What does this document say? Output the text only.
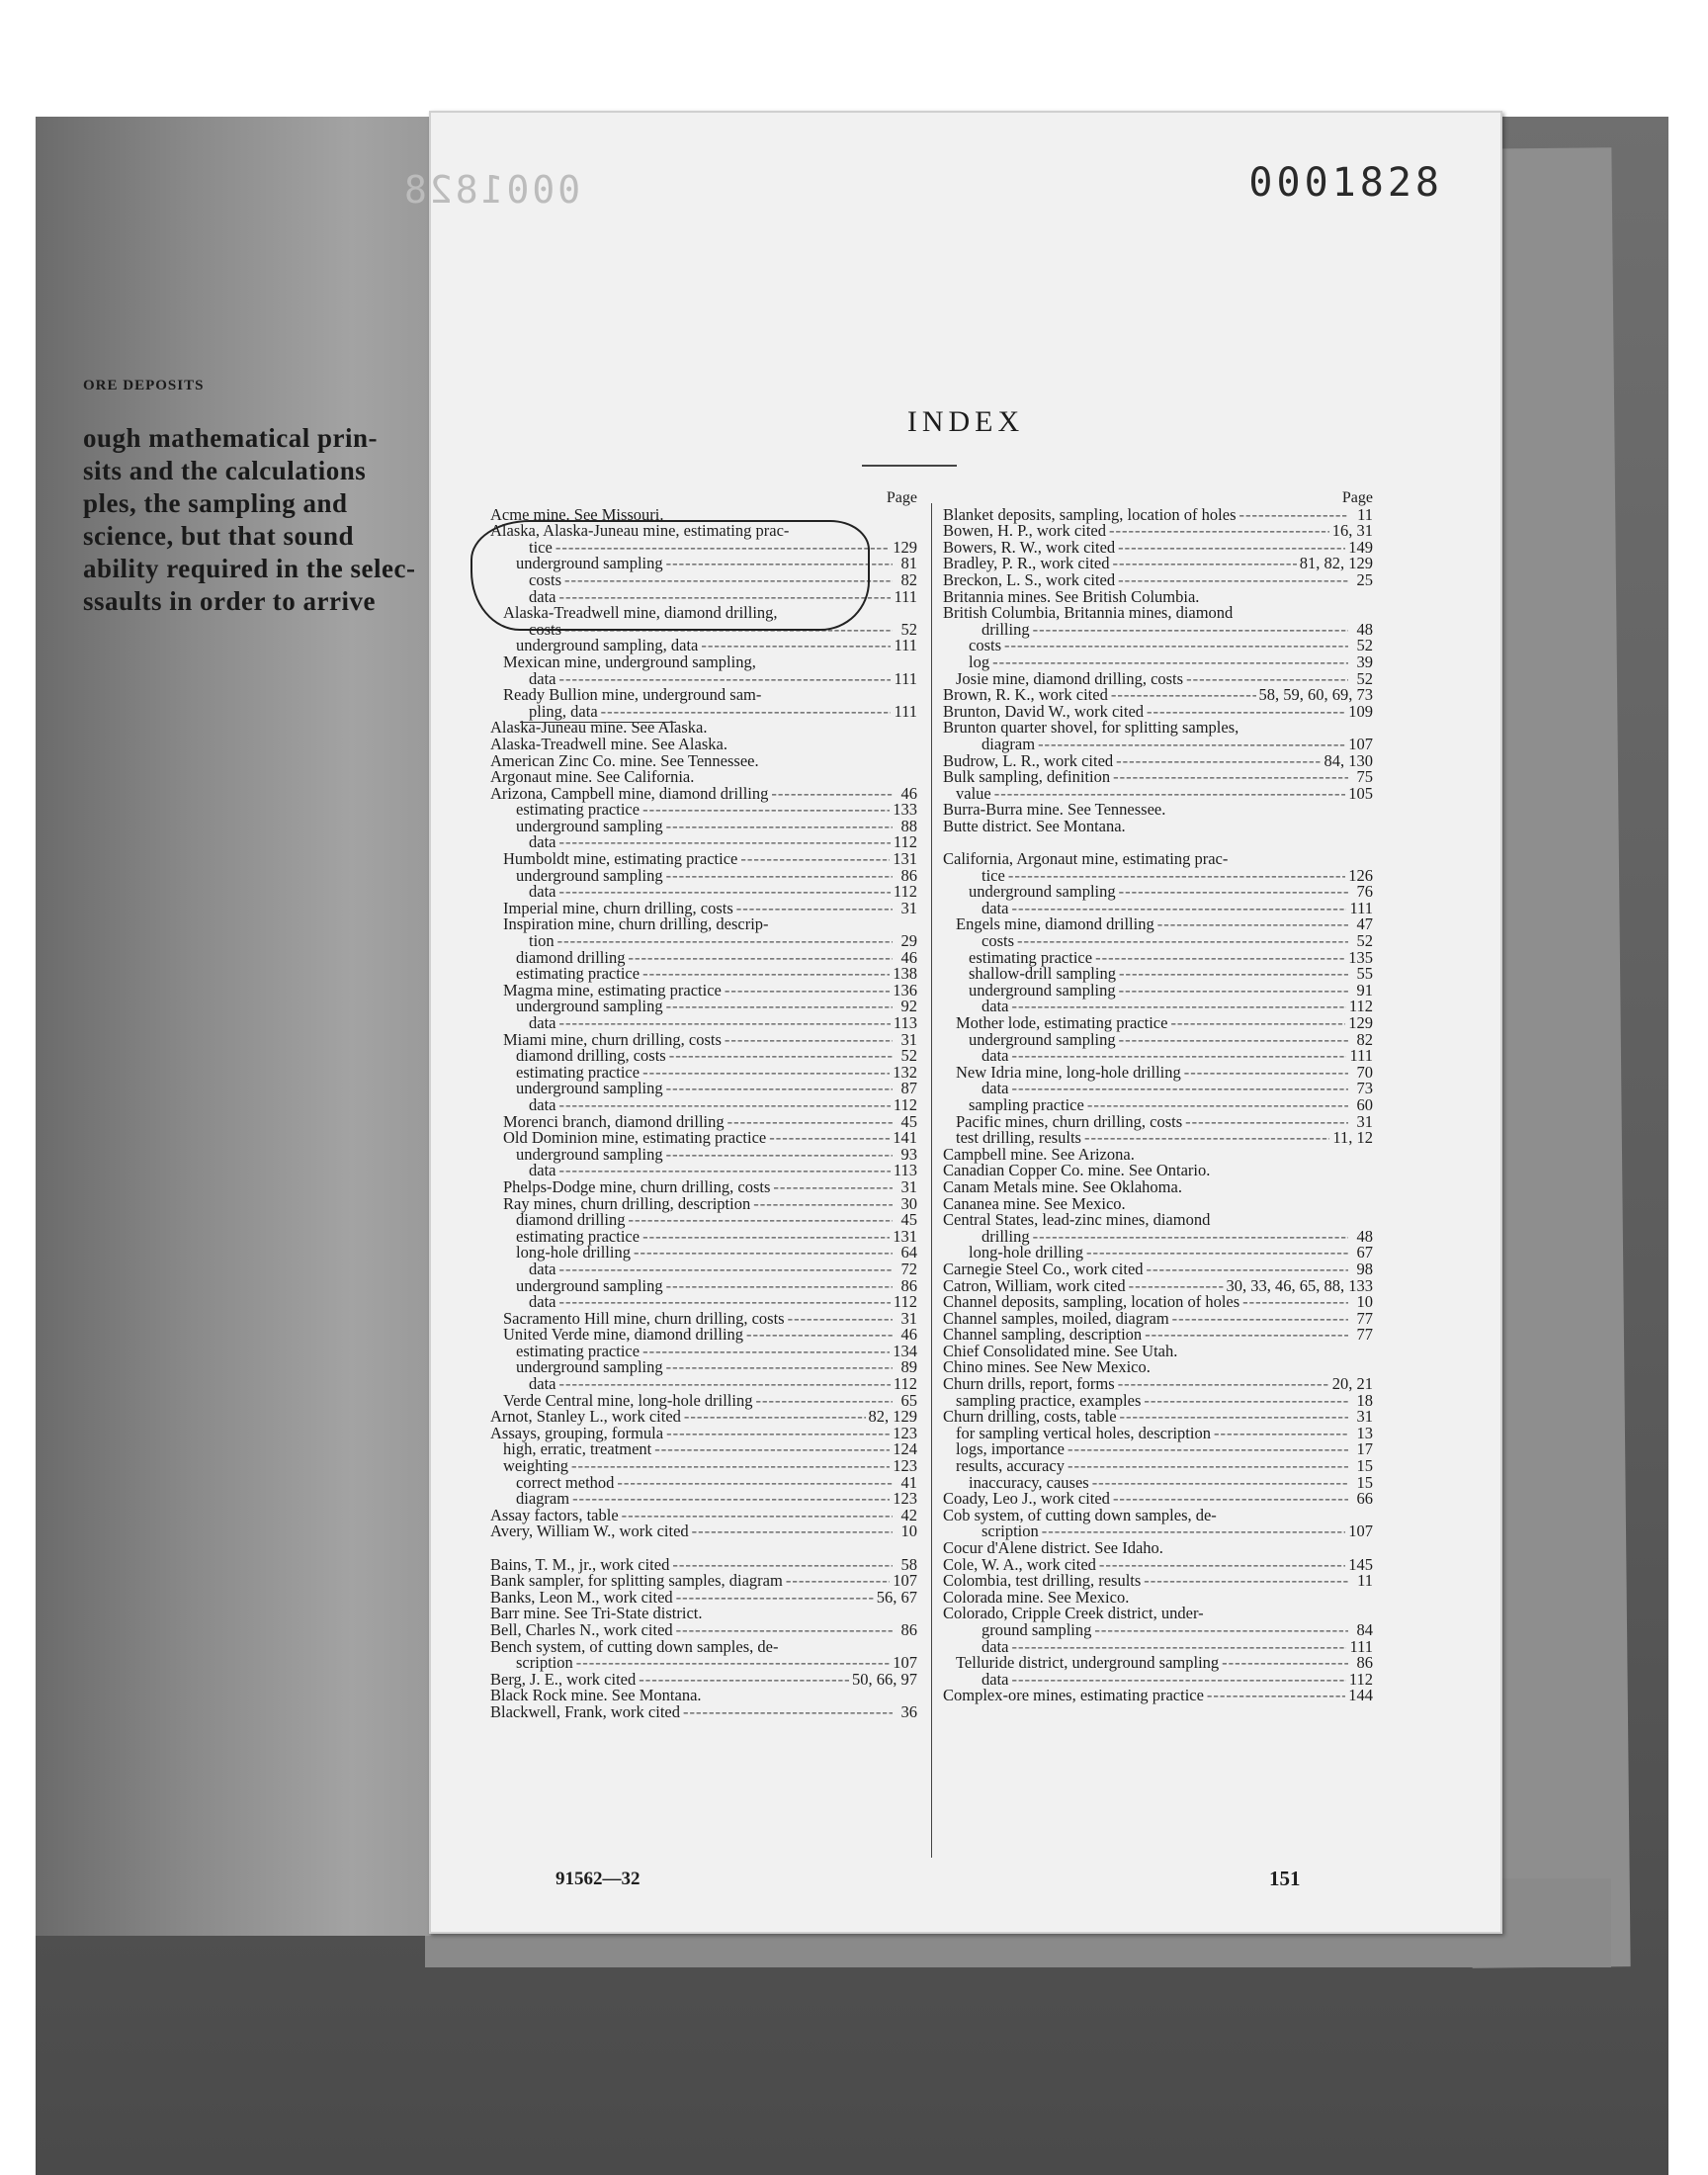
ORE DEPOSITS
ough mathematical prin-
sits and the calculations
ples, the sampling and
science, but that sound
ability required in the selec-
ssaults in order to arrive
0001828	0001828
INDEX
Page
Acme mine. See Missouri.
Alaska, Alaska-Juneau mine, estimating prac-
tice -----	129
underground sampling -----	81
costs -----	82
data -----	111
Alaska-Treadwell mine, diamond drilling,
costs -----	52
underground sampling, data -----	111
Mexican mine, underground sampling,
data -----	111
Ready Bullion mine, underground sam-
pling, data -----	111
Alaska-Juneau mine. See Alaska.
Alaska-Treadwell mine. See Alaska.
American Zinc Co. mine. See Tennessee.
Argonaut mine. See California.
Arizona, Campbell mine, diamond drilling -----	46
estimating practice -----	133
underground sampling -----	88
data -----	112
Humboldt mine, estimating practice -----	131
underground sampling -----	86
data -----	112
Imperial mine, churn drilling, costs -----	31
Inspiration mine, churn drilling, descrip-
tion -----	29
diamond drilling -----	46
estimating practice -----	138
Magma mine, estimating practice -----	136
underground sampling -----	92
data -----	113
Miami mine, churn drilling, costs -----	31
diamond drilling, costs -----	52
estimating practice -----	132
underground sampling -----	87
data -----	112
Morenci branch, diamond drilling -----	45
Old Dominion mine, estimating practice -----	141
underground sampling -----	93
data -----	113
Phelps-Dodge mine, churn drilling, costs -----	31
Ray mines, churn drilling, description -----	30
diamond drilling -----	45
estimating practice -----	131
long-hole drilling -----	64
data -----	72
underground sampling -----	86
data -----	112
Sacramento Hill mine, churn drilling, costs -----	31
United Verde mine, diamond drilling -----	46
estimating practice -----	134
underground sampling -----	89
data -----	112
Verde Central mine, long-hole drilling -----	65
Arnot, Stanley L., work cited -----	82, 129
Assays, grouping, formula -----	123
high, erratic, treatment -----	124
weighting -----	123
correct method -----	41
diagram -----	123
Assay factors, table -----	42
Avery, William W., work cited -----	10
Bains, T. M., jr., work cited -----	58
Bank sampler, for splitting samples, diagram -----	107
Banks, Leon M., work cited -----	56, 67
Barr mine. See Tri-State district.
Bell, Charles N., work cited -----	86
Bench system, of cutting down samples, de-
scription -----	107
Berg, J. E., work cited -----	50, 66, 97
Black Rock mine. See Montana.
Blackwell, Frank, work cited -----	36
Page
Blanket deposits, sampling, location of holes -----	11
Bowen, H. P., work cited -----	16, 31
Bowers, R. W., work cited -----	149
Bradley, P. R., work cited -----	81, 82, 129
Breckon, L. S., work cited -----	25
Britannia mines. See British Columbia.
British Columbia, Britannia mines, diamond
drilling -----	48
costs -----	52
log -----	39
Josie mine, diamond drilling, costs -----	52
Brown, R. K., work cited -----	58, 59, 60, 69, 73
Brunton, David W., work cited -----	109
Brunton quarter shovel, for splitting samples,
diagram -----	107
Budrow, L. R., work cited -----	84, 130
Bulk sampling, definition -----	75
value -----	105
Burra-Burra mine. See Tennessee.
Butte district. See Montana.
California, Argonaut mine, estimating prac-
tice -----	126
underground sampling -----	76
data -----	111
Engels mine, diamond drilling -----	47
costs -----	52
estimating practice -----	135
shallow-drill sampling -----	55
underground sampling -----	91
data -----	112
Mother lode, estimating practice -----	129
underground sampling -----	82
data -----	111
New Idria mine, long-hole drilling -----	70
data -----	73
sampling practice -----	60
Pacific mines, churn drilling, costs -----	31
test drilling, results -----	11, 12
Campbell mine. See Arizona.
Canadian Copper Co. mine. See Ontario.
Canam Metals mine. See Oklahoma.
Cananea mine. See Mexico.
Central States, lead-zinc mines, diamond
drilling -----	48
long-hole drilling -----	67
Carnegie Steel Co., work cited -----	98
Catron, William, work cited -----	30, 33, 46, 65, 88, 133
Channel deposits, sampling, location of holes -----	10
Channel samples, moiled, diagram -----	77
Channel sampling, description -----	77
Chief Consolidated mine. See Utah.
Chino mines. See New Mexico.
Churn drills, report, forms -----	20, 21
sampling practice, examples -----	18
Churn drilling, costs, table -----	31
for sampling vertical holes, description -----	13
logs, importance -----	17
results, accuracy -----	15
inaccuracy, causes -----	15
Coady, Leo J., work cited -----	66
Cob system, of cutting down samples, de-
scription -----	107
Cocur d'Alene district. See Idaho.
Cole, W. A., work cited -----	145
Colombia, test drilling, results -----	11
Colorada mine. See Mexico.
Colorado, Cripple Creek district, under-
ground sampling -----	84
data -----	111
Telluride district, underground sampling -----	86
data -----	112
Complex-ore mines, estimating practice -----	144
91562—32	151
